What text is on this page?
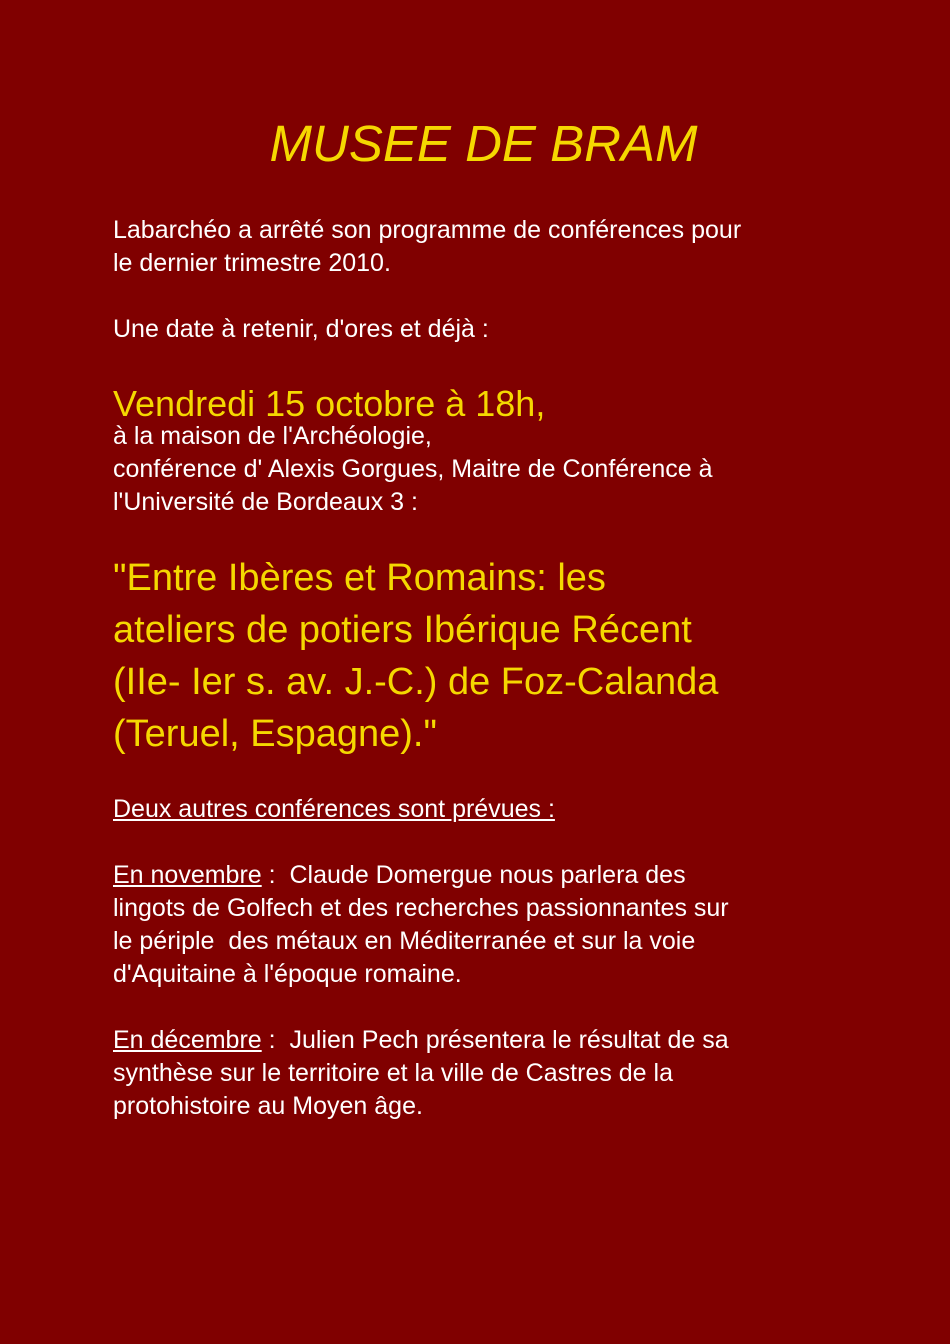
MUSEE DE BRAM

Labarchéo a arrêté son programme de conférences pour
le dernier trimestre 2010.

Une date à retenir, d'ores et déjà :

Vendredi 15 octobre à 18h,

à la maison de l'Archéologie,
conférence d' Alexis Gorgues, Maitre de Conférence à
l'Université de Bordeaux 3 :

"Entre Ibères et Romains: les
ateliers de potiers Ibérique Récent
(IIe- Ier s. av. J.-C.) de Foz-Calanda
(Teruel, Espagne)."

Deux autres conférences sont prévues :

En novembre :  Claude Domergue nous parlera des
lingots de Golfech et des recherches passionnantes sur
le périple  des métaux en Méditerranée et sur la voie
d'Aquitaine à l'époque romaine.

En décembre :  Julien Pech présentera le résultat de sa
synthèse sur le territoire et la ville de Castres de la
protohistoire au Moyen âge.
